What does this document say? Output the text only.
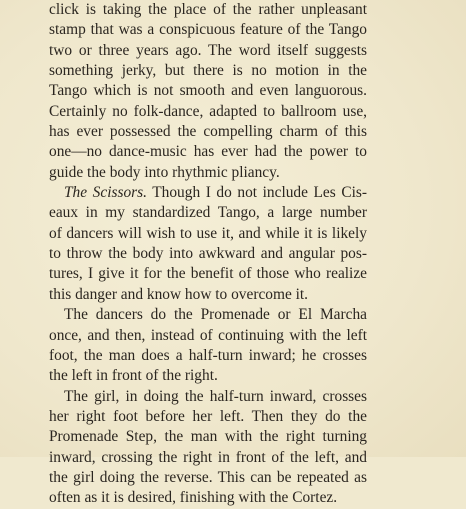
click is taking the place of the rather unpleasant
stamp that was a conspicuous feature of the Tango
two or three years ago. The word itself suggests
something jerky, but there is no motion in the
Tango which is not smooth and even languorous.
Certainly no folk-dance, adapted to ballroom use,
has ever possessed the compelling charm of this
one—no dance-music has ever had the power to
guide the body into rhythmic pliancy.
The Scissors. Though I do not include Les Cis-
eaux in my standardized Tango, a large number
of dancers will wish to use it, and while it is likely
to throw the body into awkward and angular pos-
tures, I give it for the benefit of those who realize
this danger and know how to overcome it.
The dancers do the Promenade or El Marcha
once, and then, instead of continuing with the left
foot, the man does a half-turn inward; he crosses
the left in front of the right.
The girl, in doing the half-turn inward, crosses
her right foot before her left. Then they do the
Promenade Step, the man with the right turning
inward, crossing the right in front of the left, and
the girl doing the reverse. This can be repeated as
often as it is desired, finishing with the Cortez.
